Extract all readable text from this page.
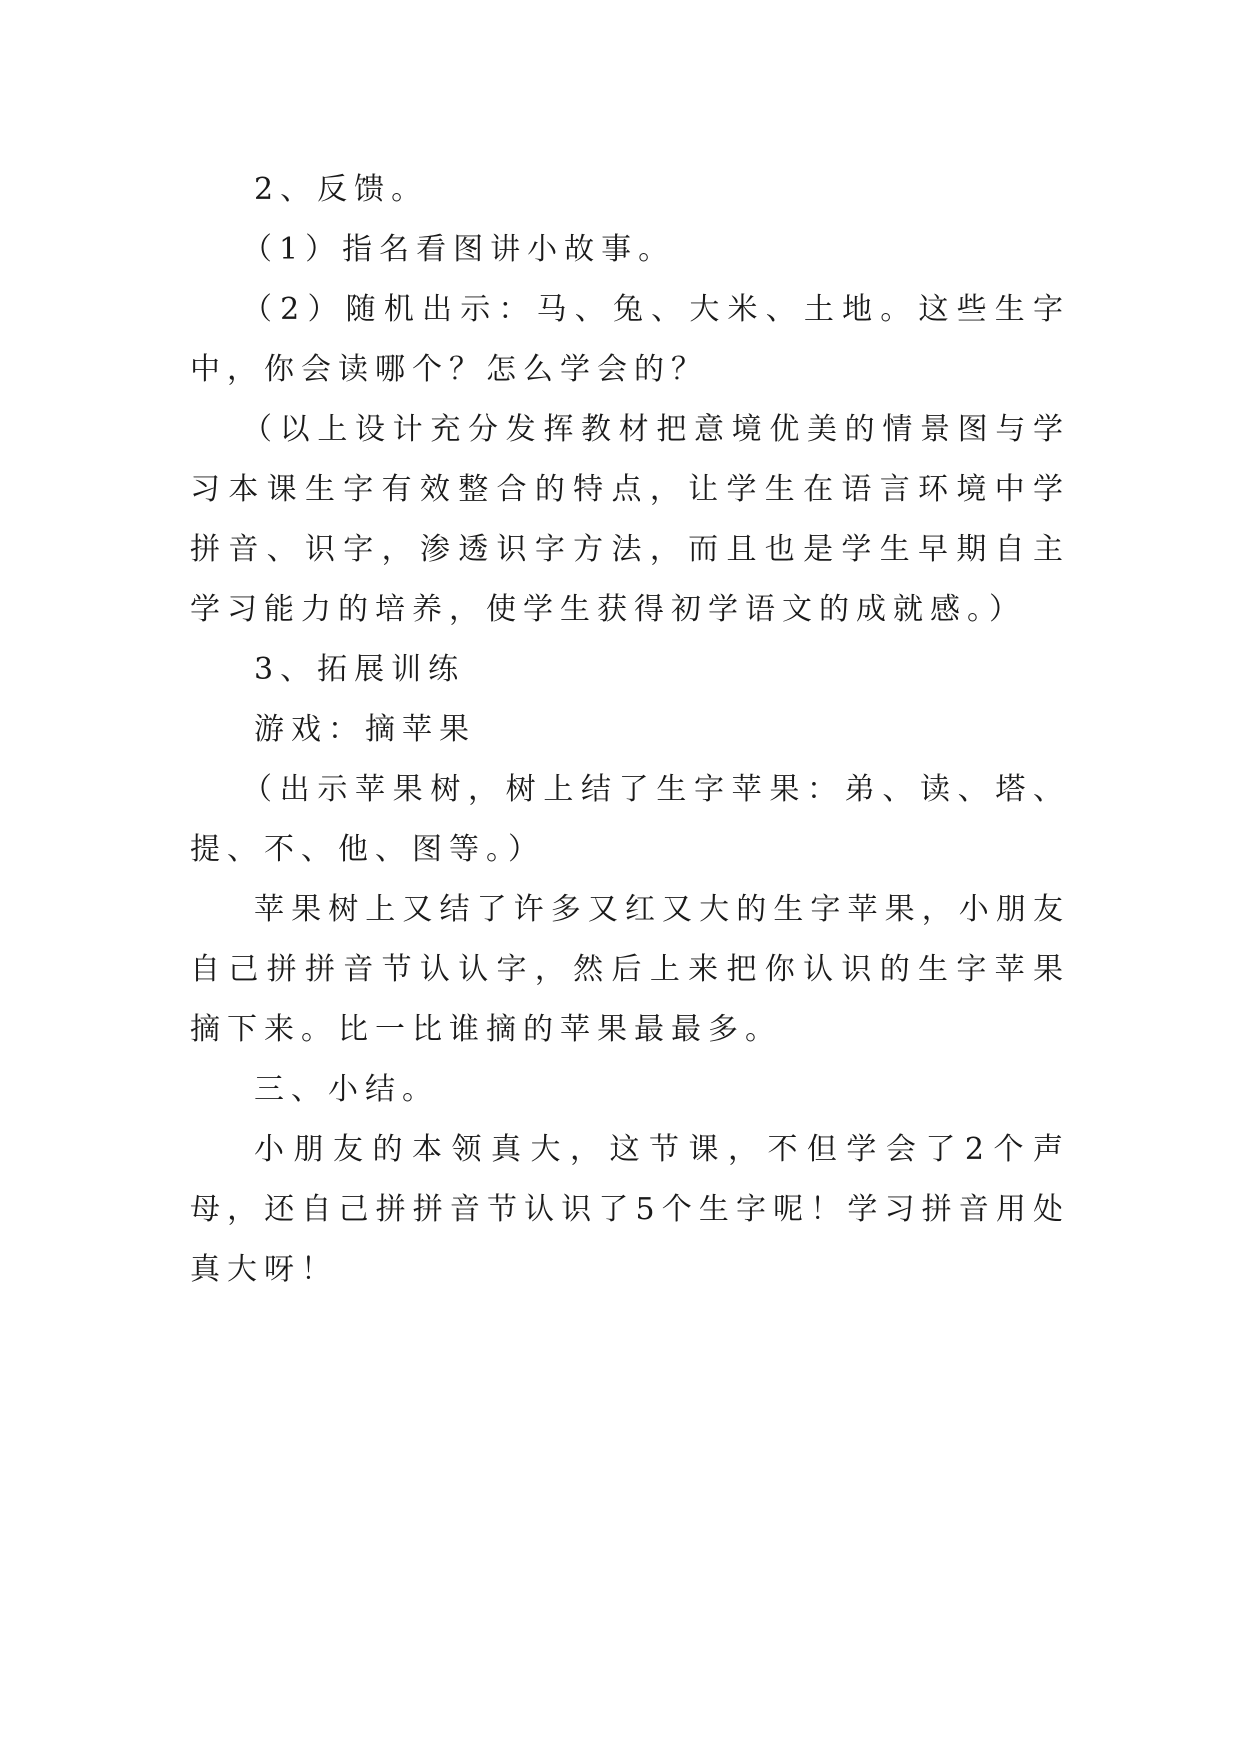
2、反馈。

（1）指名看图讲小故事。

（2）随机出示：马、兔、大米、土地。这些生字中，你会读哪个？怎么学会的？

（以上设计充分发挥教材把意境优美的情景图与学习本课生字有效整合的特点，让学生在语言环境中学拼音、识字，渗透识字方法，而且也是学生早期自主学习能力的培养，使学生获得初学语文的成就感。）

3、拓展训练

游戏：摘苹果

（出示苹果树，树上结了生字苹果：弟、读、塔、提、不、他、图等。）

苹果树上又结了许多又红又大的生字苹果，小朋友自己拼拼音节认认字，然后上来把你认识的生字苹果摘下来。比一比谁摘的苹果最最多。

三、小结。

小朋友的本领真大，这节课，不但学会了2个声母，还自己拼拼音节认识了5个生字呢！学习拼音用处真大呀！
